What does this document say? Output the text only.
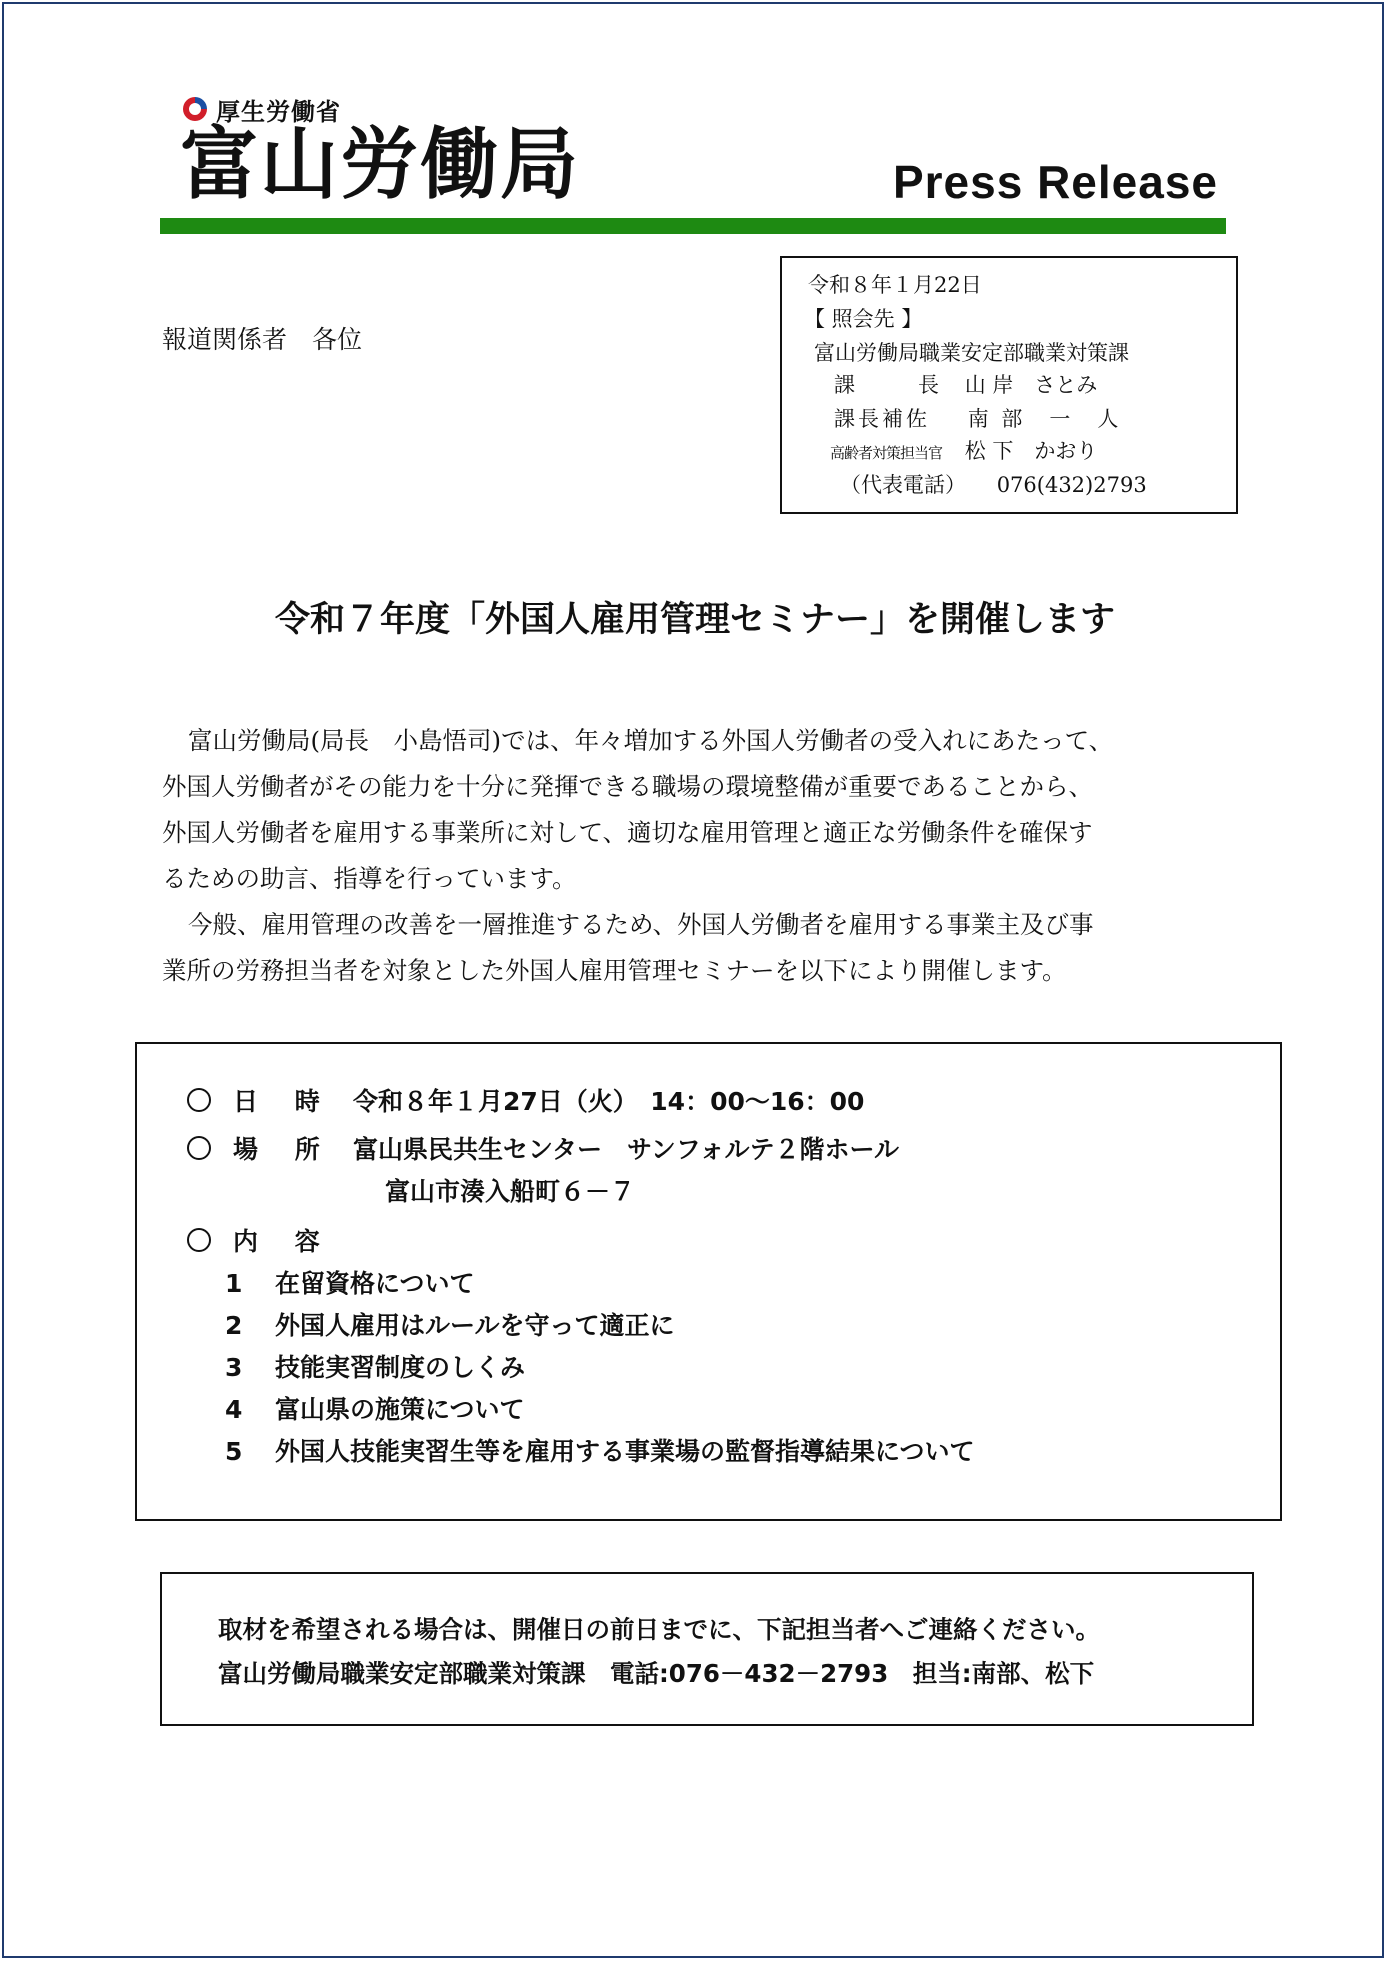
厚生労働省
富山労働局	Press Release
報道関係者　各位
令和８年１月22日
【 照会先 】
富山労働局職業安定部職業対策課
課　　　長 山 岸　さとみ
課長補佐 南 部　一　人
高齢者対策担当官 松 下　かおり
（代表電話） 076(432)2793
令和７年度「外国人雇用管理セミナー」を開催します

富山労働局(局長　小島悟司)では、年々増加する外国人労働者の受入れにあたって、

外国人労働者がその能力を十分に発揮できる職場の環境整備が重要であることから、

外国人労働者を雇用する事業所に対して、適切な雇用管理と適正な労働条件を確保す

るための助言、指導を行っています。

今般、雇用管理の改善を一層推進するため、外国人労働者を雇用する事業主及び事

業所の労務担当者を対象とした外国人雇用管理セミナーを以下により開催します。

日 時 令和８年１月27日（火）　14：00～16：00
場 所 富山県民共生センター　サンフォルテ２階ホール
富山市湊入船町６－７
内 容
1 在留資格について
2 外国人雇用はルールを守って適正に
3 技能実習制度のしくみ
4 富山県の施策について
5 外国人技能実習生等を雇用する事業場の監督指導結果について
取材を希望される場合は、開催日の前日までに、下記担当者へご連絡ください。
富山労働局職業安定部職業対策課　電話:076－432－2793　担当:南部、松下
